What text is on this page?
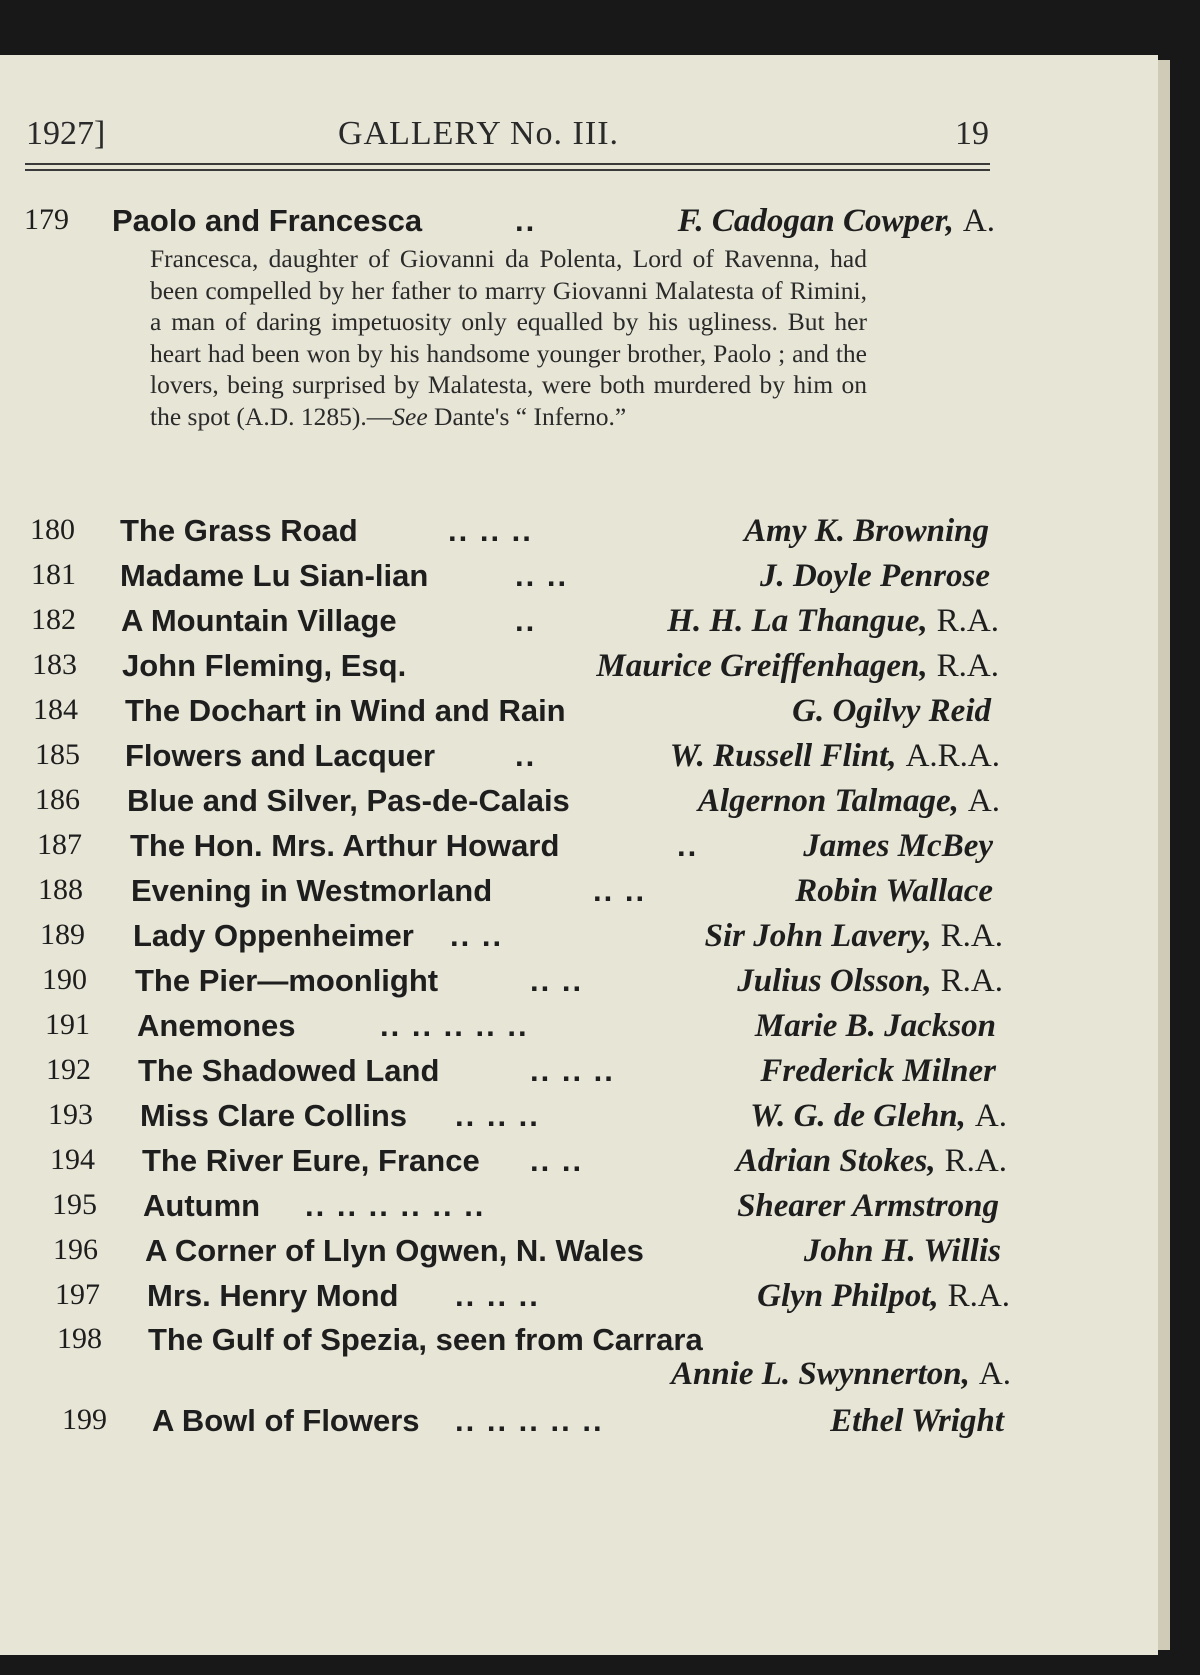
1927]	GALLERY No. III.	19
179 Paolo and Francesca	..	F. Cadogan Cowper, A.
Francesca, daughter of Giovanni da Polenta, Lord of Ravenna, had been compelled by her father to marry Giovanni Malatesta of Rimini, a man of daring impetuosity only equalled by his ugliness. But her heart had been won by his handsome younger brother, Paolo ; and the lovers, being surprised by Malatesta, were both murdered by him on the spot (A.D. 1285).—See Dante's “ Inferno.”
180 The Grass Road	.. .. ..	Amy K. Browning
181 Madame Lu Sian-lian	.. ..	J. Doyle Penrose
182 A Mountain Village	..	H. H. La Thangue, R.A.
183 John Fleming, Esq.	Maurice Greiffenhagen, R.A.
184 The Dochart in Wind and Rain	G. Ogilvy Reid
185 Flowers and Lacquer	..	W. Russell Flint, A.R.A.
186 Blue and Silver, Pas-de-Calais	Algernon Talmage, A.
187 The Hon. Mrs. Arthur Howard	..	James McBey
188 Evening in Westmorland	.. ..	Robin Wallace
189 Lady Oppenheimer .. ..	Sir John Lavery, R.A.
190 The Pier—moonlight	.. ..	Julius Olsson, R.A.
191 Anemones	.. .. .. .. ..	Marie B. Jackson
192 The Shadowed Land	.. .. ..	Frederick Milner
193 Miss Clare Collins .. .. ..	W. G. de Glehn, A.
194 The River Eure, France .. ..	Adrian Stokes, R.A.
195 Autumn .. .. .. .. .. ..	Shearer Armstrong
196 A Corner of Llyn Ogwen, N. Wales	John H. Willis
197 Mrs. Henry Mond .. .. ..	Glyn Philpot, R.A.
198 The Gulf of Spezia, seen from Carrara
Annie L. Swynnerton, A.
199 A Bowl of Flowers .. .. .. .. ..	Ethel Wright
